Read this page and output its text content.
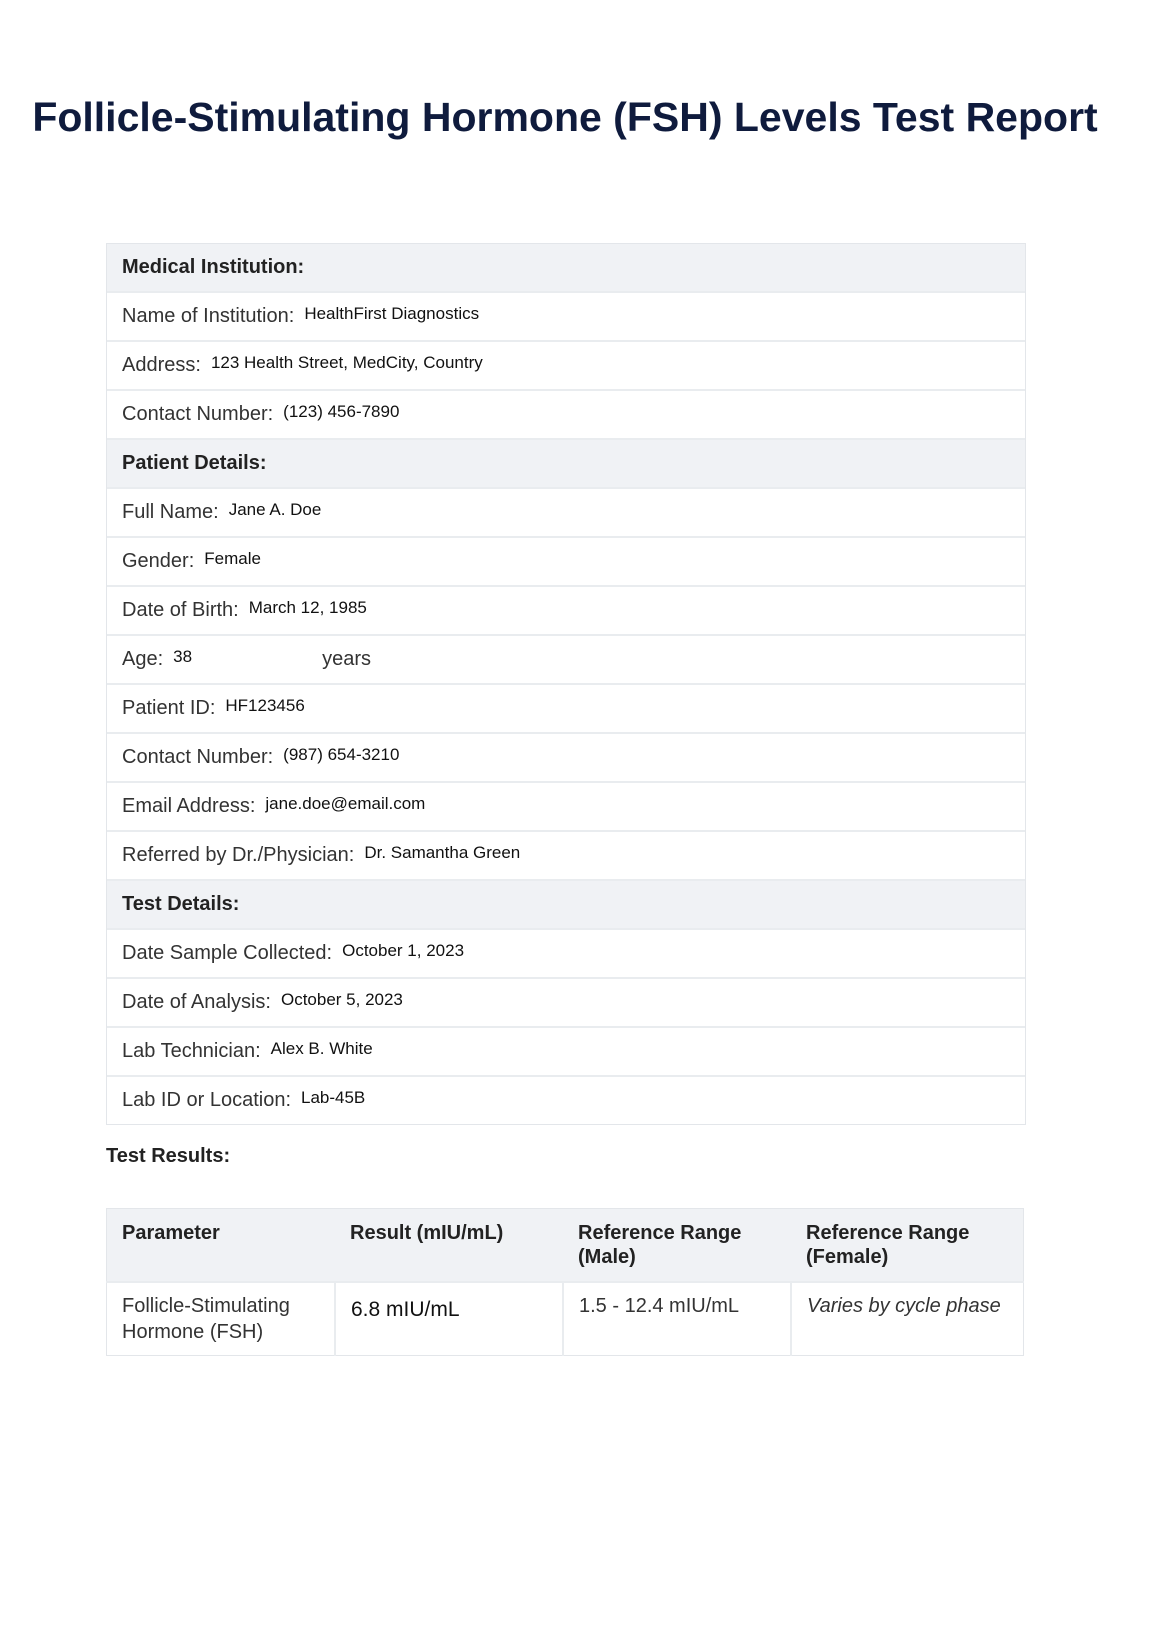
Follicle-Stimulating Hormone (FSH) Levels Test Report
Medical Institution:
Name of Institution: HealthFirst Diagnostics
Address: 123 Health Street, MedCity, Country
Contact Number: (123) 456-7890
Patient Details:
Full Name: Jane A. Doe
Gender: Female
Date of Birth: March 12, 1985
Age: 38	years
Patient ID: HF123456
Contact Number: (987) 654-3210
Email Address: jane.doe@email.com
Referred by Dr./Physician: Dr. Samantha Green
Test Details:
Date Sample Collected: October 1, 2023
Date of Analysis: October 5, 2023
Lab Technician: Alex B. White
Lab ID or Location: Lab-45B
Test Results:
Parameter	Result (mIU/mL)	Reference Range (Male)	Reference Range (Female)
Follicle-Stimulating Hormone (FSH)	6.8 mIU/mL	1.5 - 12.4 mIU/mL	Varies by cycle phase
